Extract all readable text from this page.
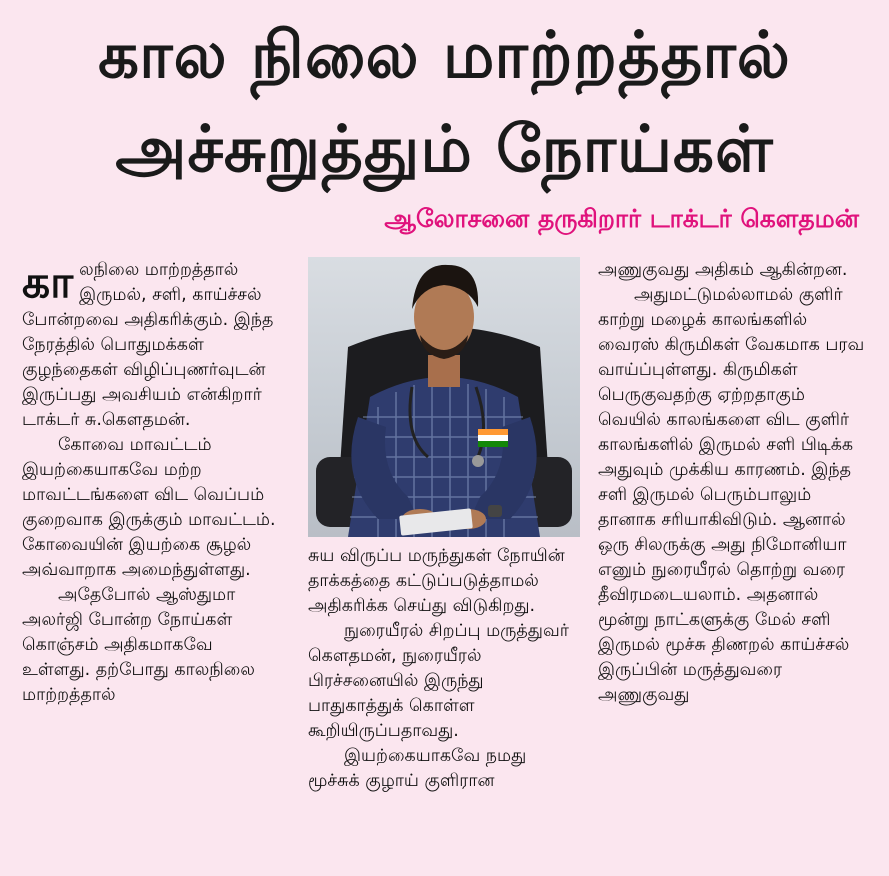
கால நிலை மாற்றத்தால்
அச்சுறுத்தும் நோய்கள்
ஆலோசனை தருகிறார் டாக்டர் கௌதமன்

காலநிலை மாற்றத்தால் இருமல், சளி, காய்ச்சல் போன்றவை அதிகரிக்கும். இந்த நேரத்தில் பொதுமக்கள் குழந்தைகள் விழிப்புணர்வுடன் இருப்பது அவசியம் என்கிறார் டாக்டர் சு.கௌதமன்.

கோவை மாவட்டம் இயற்கையாகவே மற்ற மாவட்டங்களை விட வெப்பம் குறைவாக இருக்கும் மாவட்டம். கோவையின் இயற்கை சூழல் அவ்வாறாக அமைந்துள்ளது.

அதேபோல் ஆஸ்துமா அலர்ஜி போன்ற நோய்கள் கொஞ்சம் அதிகமாகவே உள்ளது. தற்போது காலநிலை மாற்றத்தால்

சுய விருப்ப மருந்துகள் நோயின் தாக்கத்தை கட்டுப்படுத்தாமல் அதிகரிக்க செய்து விடுகிறது.

நுரையீரல் சிறப்பு மருத்துவர் கௌதமன், நுரையீரல் பிரச்சனையில் இருந்து பாதுகாத்துக் கொள்ள கூறியிருப்பதாவது.

இயற்கையாகவே நமது மூச்சுக் குழாய் குளிரான

அணுகுவது அதிகம் ஆகின்றன.

அதுமட்டுமல்லாமல் குளிர் காற்று மழைக் காலங்களில் வைரஸ் கிருமிகள் வேகமாக பரவ வாய்ப்புள்ளது. கிருமிகள் பெருகுவதற்கு ஏற்றதாகும் வெயில் காலங்களை விட குளிர் காலங்களில் இருமல் சளி பிடிக்க அதுவும் முக்கிய காரணம். இந்த சளி இருமல் பெரும்பாலும் தானாக சரியாகிவிடும். ஆனால் ஒரு சிலருக்கு அது நிமோனியா எனும் நுரையீரல் தொற்று வரை தீவிரமடையலாம். அதனால் மூன்று நாட்களுக்கு மேல் சளி இருமல் மூச்சு திணறல் காய்ச்சல் இருப்பின் மருத்துவரை அணுகுவது
